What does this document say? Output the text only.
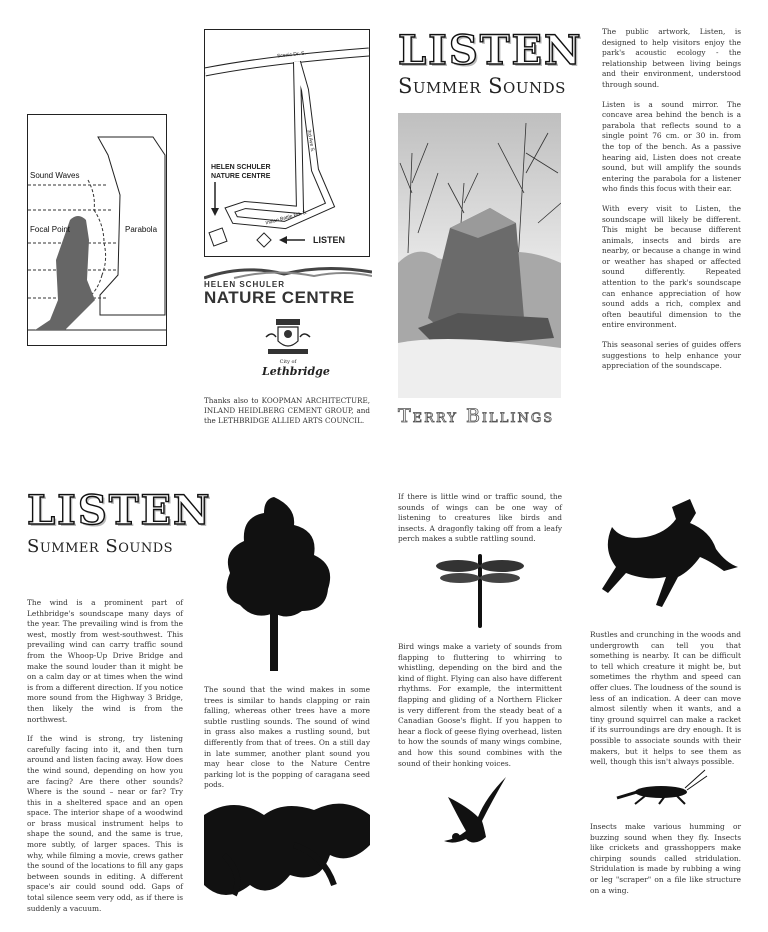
Sound Waves
Focal Point	Parabola
Scenic Dr. S.
3rd Ave S.
Indian Battle Rd. S.
HELEN SCHULER
NATURE CENTRE
LISTEN
HELEN SCHULER
NATURE CENTRE
City of
Lethbridge
Thanks also to KOOPMAN ARCHITECTURE, INLAND HEIDLBERG CEMENT GROUP, and the LETHBRIDGE ALLIED ARTS COUNCIL.
LISTEN
Summer Sounds
Terry Billings

The public artwork, Listen, is designed to help visitors enjoy the park's acoustic ecology - the relationship between living beings and their environment, understood through sound.

Listen is a sound mirror. The concave area behind the bench is a parabola that reflects sound to a single point 76 cm. or 30 in. from the top of the bench. As a passive hearing aid, Listen does not create sound, but will amplify the sounds entering the parabola for a listener who finds this focus with their ear.

With every visit to Listen, the soundscape will likely be different. This might be because different animals, insects and birds are nearby, or because a change in wind or weather has shaped or affected sound differently. Repeated attention to the park's soundscape can enhance appreciation of how sound adds a rich, complex and often beautiful dimension to the entire environment.

This seasonal series of guides offers suggestions to help enhance your appreciation of the soundscape.

LISTEN
Summer Sounds

The wind is a prominent part of Lethbridge's soundscape many days of the year. The prevailing wind is from the west, mostly from west-southwest. This prevailing wind can carry traffic sound from the Whoop-Up Drive Bridge and make the sound louder than it might be on a calm day or at times when the wind is from a different direction. If you notice more sound from the Highway 3 Bridge, then likely the wind is from the northwest.

If the wind is strong, try listening carefully facing into it, and then turn around and listen facing away. How does the wind sound, depending on how you are facing? Are there other sounds? Where is the sound – near or far? Try this in a sheltered space and an open space. The interior shape of a woodwind or brass musical instrument helps to shape the sound, and the same is true, more subtly, of larger spaces. This is why, while filming a movie, crews gather the sound of the locations to fill any gaps between sounds in editing. A different space's air could sound odd. Gaps of total silence seem very odd, as if there is suddenly a vacuum.

The sound that the wind makes in some trees is similar to hands clapping or rain falling, whereas other trees have a more subtle rustling sounds. The sound of wind in grass also makes a rustling sound, but differently from that of trees. On a still day in late summer, another plant sound you may hear close to the Nature Centre parking lot is the popping of caragana seed pods.
If there is little wind or traffic sound, the sounds of wings can be one way of listening to creatures like birds and insects. A dragonfly taking off from a leafy perch makes a subtle rattling sound.
Bird wings make a variety of sounds from flapping to fluttering to whirring to whistling, depending on the bird and the kind of flight. Flying can also have different rhythms. For example, the intermittent flapping and gliding of a Northern Flicker is very different from the steady beat of a Canadian Goose's flight. If you happen to hear a flock of geese flying overhead, listen to how the sounds of many wings combine, and how this sound combines with the sound of their honking voices.
Rustles and crunching in the woods and undergrowth can tell you that something is nearby. It can be difficult to tell which creature it might be, but sometimes the rhythm and speed can offer clues. The loudness of the sound is less of an indication. A deer can move almost silently when it wants, and a tiny ground squirrel can make a racket if its surroundings are dry enough. It is possible to associate sounds with their makers, but it helps to see them as well, though this isn't always possible.
Insects make various humming or buzzing sound when they fly. Insects like crickets and grasshoppers make chirping sounds called stridulation. Stridulation is made by rubbing a wing or leg "scraper" on a file like structure on a wing.
